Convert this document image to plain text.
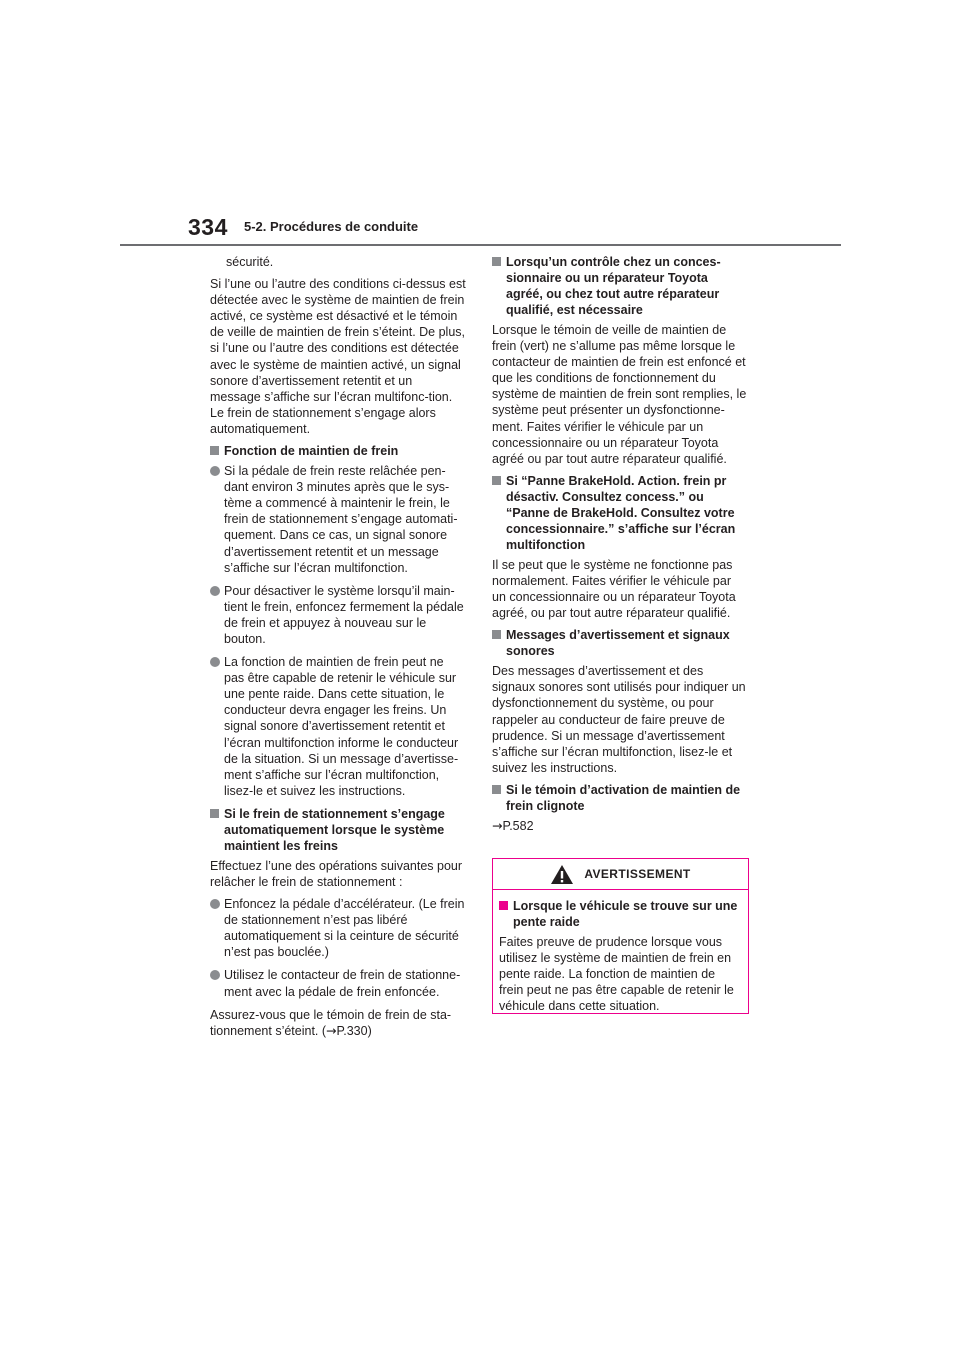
334 5-2. Procédures de conduite

sécurité.

Si l’une ou l’autre des conditions ci-dessus est détectée avec le système de maintien de frein activé, ce système est désactivé et le témoin de veille de maintien de frein s’éteint. De plus, si l’une ou l’autre des conditions est détectée avec le système de maintien activé, un signal sonore d’avertissement retentit et un message s’affiche sur l’écran multifonc-tion. Le frein de stationnement s’engage alors automatiquement.

Fonction de maintien de frein

Si la pédale de frein reste relâchée pen-dant environ 3 minutes après que le sys-tème a commencé à maintenir le frein, le frein de stationnement s’engage automati-quement. Dans ce cas, un signal sonore d’avertissement retentit et un message s’affiche sur l’écran multifonction.

Pour désactiver le système lorsqu’il main-tient le frein, enfoncez fermement la pédale de frein et appuyez à nouveau sur le bouton.

La fonction de maintien de frein peut ne pas être capable de retenir le véhicule sur une pente raide. Dans cette situation, le conducteur devra engager les freins. Un signal sonore d’avertissement retentit et l’écran multifonction informe le conducteur de la situation. Si un message d’avertisse-ment s’affiche sur l’écran multifonction, lisez-le et suivez les instructions.

Si le frein de stationnement s’engage automatiquement lorsque le système maintient les freins

Effectuez l’une des opérations suivantes pour relâcher le frein de stationnement :

Enfoncez la pédale d’accélérateur. (Le frein de stationnement n’est pas libéré automatiquement si la ceinture de sécurité n’est pas bouclée.)

Utilisez le contacteur de frein de stationne-ment avec la pédale de frein enfoncée.

Assurez-vous que le témoin de frein de sta-tionnement s’éteint. (→P.330)

Lorsqu’un contrôle chez un conces-sionnaire ou un réparateur Toyota agréé, ou chez tout autre réparateur qualifié, est nécessaire

Lorsque le témoin de veille de maintien de frein (vert) ne s’allume pas même lorsque le contacteur de maintien de frein est enfoncé et que les conditions de fonctionnement du système de maintien de frein sont remplies, le système peut présenter un dysfonctionne-ment. Faites vérifier le véhicule par un concessionnaire ou un réparateur Toyota agréé ou par tout autre réparateur qualifié.

Si “Panne BrakeHold. Action. frein pr désactiv. Consultez concess.” ou “Panne de BrakeHold. Consultez votre concessionnaire.” s’affiche sur l’écran multifonction

Il se peut que le système ne fonctionne pas normalement. Faites vérifier le véhicule par un concessionnaire ou un réparateur Toyota agréé, ou par tout autre réparateur qualifié.

Messages d’avertissement et signaux sonores

Des messages d’avertissement et des signaux sonores sont utilisés pour indiquer un dysfonctionnement du système, ou pour rappeler au conducteur de faire preuve de prudence. Si un message d’avertissement s’affiche sur l’écran multifonction, lisez-le et suivez les instructions.

Si le témoin d’activation de maintien de frein clignote

→P.582

AVERTISSEMENT
Lorsque le véhicule se trouve sur une pente raide

Faites preuve de prudence lorsque vous utilisez le système de maintien de frein en pente raide. La fonction de maintien de frein peut ne pas être capable de retenir le véhicule dans cette situation.
